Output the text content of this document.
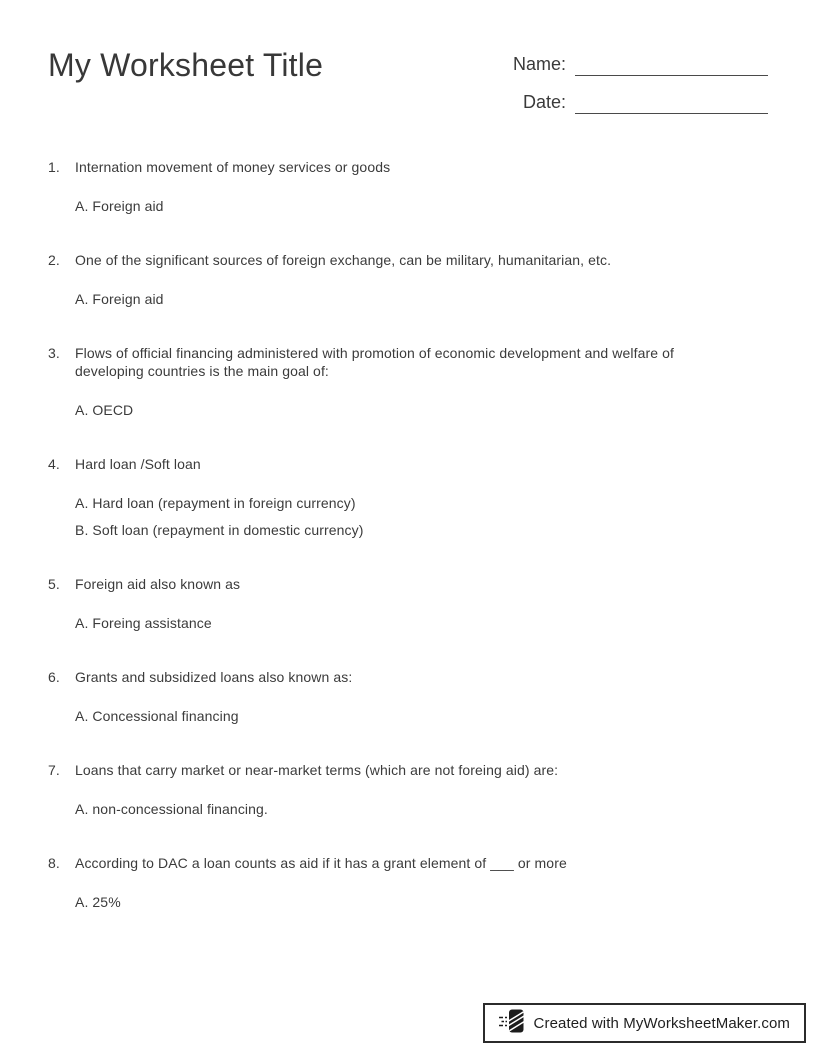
My Worksheet Title	Name:
Date:
1.	Internation movement of money services or goods

A. Foreign aid

2.	One of the significant sources of foreign exchange, can be military, humanitarian, etc.

A. Foreign aid

3.	Flows of official financing administered with promotion of economic development and welfare of developing countries is the main goal of:

A. OECD

4.	Hard loan /Soft loan

A. Hard loan (repayment in foreign currency)

B. Soft loan (repayment in domestic currency)

5.	Foreign aid also known as

A. Foreing assistance

6.	Grants and subsidized loans also known as:

A. Concessional financing

7.	Loans that carry market or near-market terms (which are not foreing aid) are:

A. non-concessional financing.

8.	According to DAC a loan counts as aid if it has a grant element of ___ or more

A. 25%

Created with MyWorksheetMaker.com
